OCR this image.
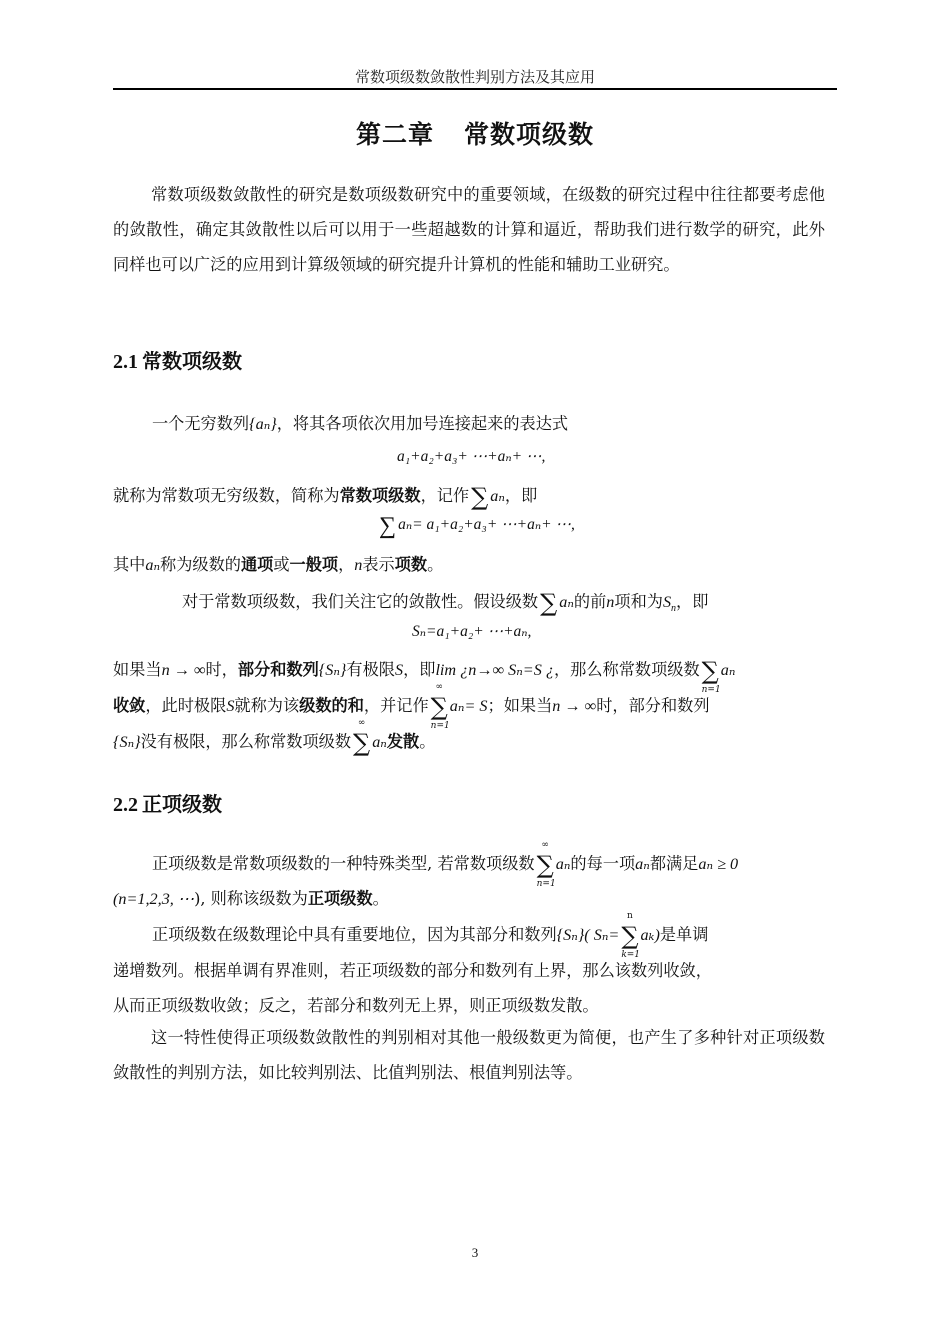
常数项级数敛散性判别方法及其应用
第二章 常数项级数

常数项级数敛散性的研究是数项级数研究中的重要领域，在级数的研究过程中往往都要考虑他的敛散性，确定其敛散性以后可以用于一些超越数的计算和逼近，帮助我们进行数学的研究，此外同样也可以广泛的应用到计算级领域的研究提升计算机的性能和辅助工业研究。

2.1 常数项级数
一个无穷数列{aₙ}，将其各项依次用加号连接起来的表达式
a₁+a₂+a₃+ ⋯+aₙ+ ⋯,
就称为常数项无穷级数，简称为常数项级数，记作∑ aₙ，即
∑ aₙ= a₁+a₂+a₃+ ⋯+aₙ+ ⋯,
其中aₙ称为级数的通项或一般项，n表示项数。
对于常数项级数，我们关注它的敛散性。假设级数∑ aₙ的前n项和为$S_n$，即
Sₙ=a₁+a₂+ ⋯+aₙ,
如果当n → ∞时，部分和数列{Sₙ}有极限S，即lim ¿n→∞ Sₙ=S ¿，那么称常数项级数∑
n=1
aₙ
收敛，此时极限S就称为该级数的和，并记作
∞
∑
n=1
aₙ= S；如果当n → ∞时，部分和数列
{Sₙ}没有极限，那么称常数项级数
∞
∑ aₙ发散。
2.2 正项级数
正项级数是常数项级数的一种特殊类型, 若常数项级数
∞
∑
n=1
aₙ的每一项aₙ都满足aₙ ≥ 0
(n=1,2,3, ⋯), 则称该级数为正项级数。
正项级数在级数理论中具有重要地位，因为其部分和数列{Sₙ}( Sₙ=
n
∑
k=1
aₖ)是单调
递增数列。根据单调有界准则，若正项级数的部分和数列有上界，那么该数列收敛，
从而正项级数收敛；反之，若部分和数列无上界，则正项级数发散。

这一特性使得正项级数敛散性的判别相对其他一般级数更为简便，也产生了多种针对正项级数敛散性的判别方法，如比较判别法、比值判别法、根值判别法等。

3
